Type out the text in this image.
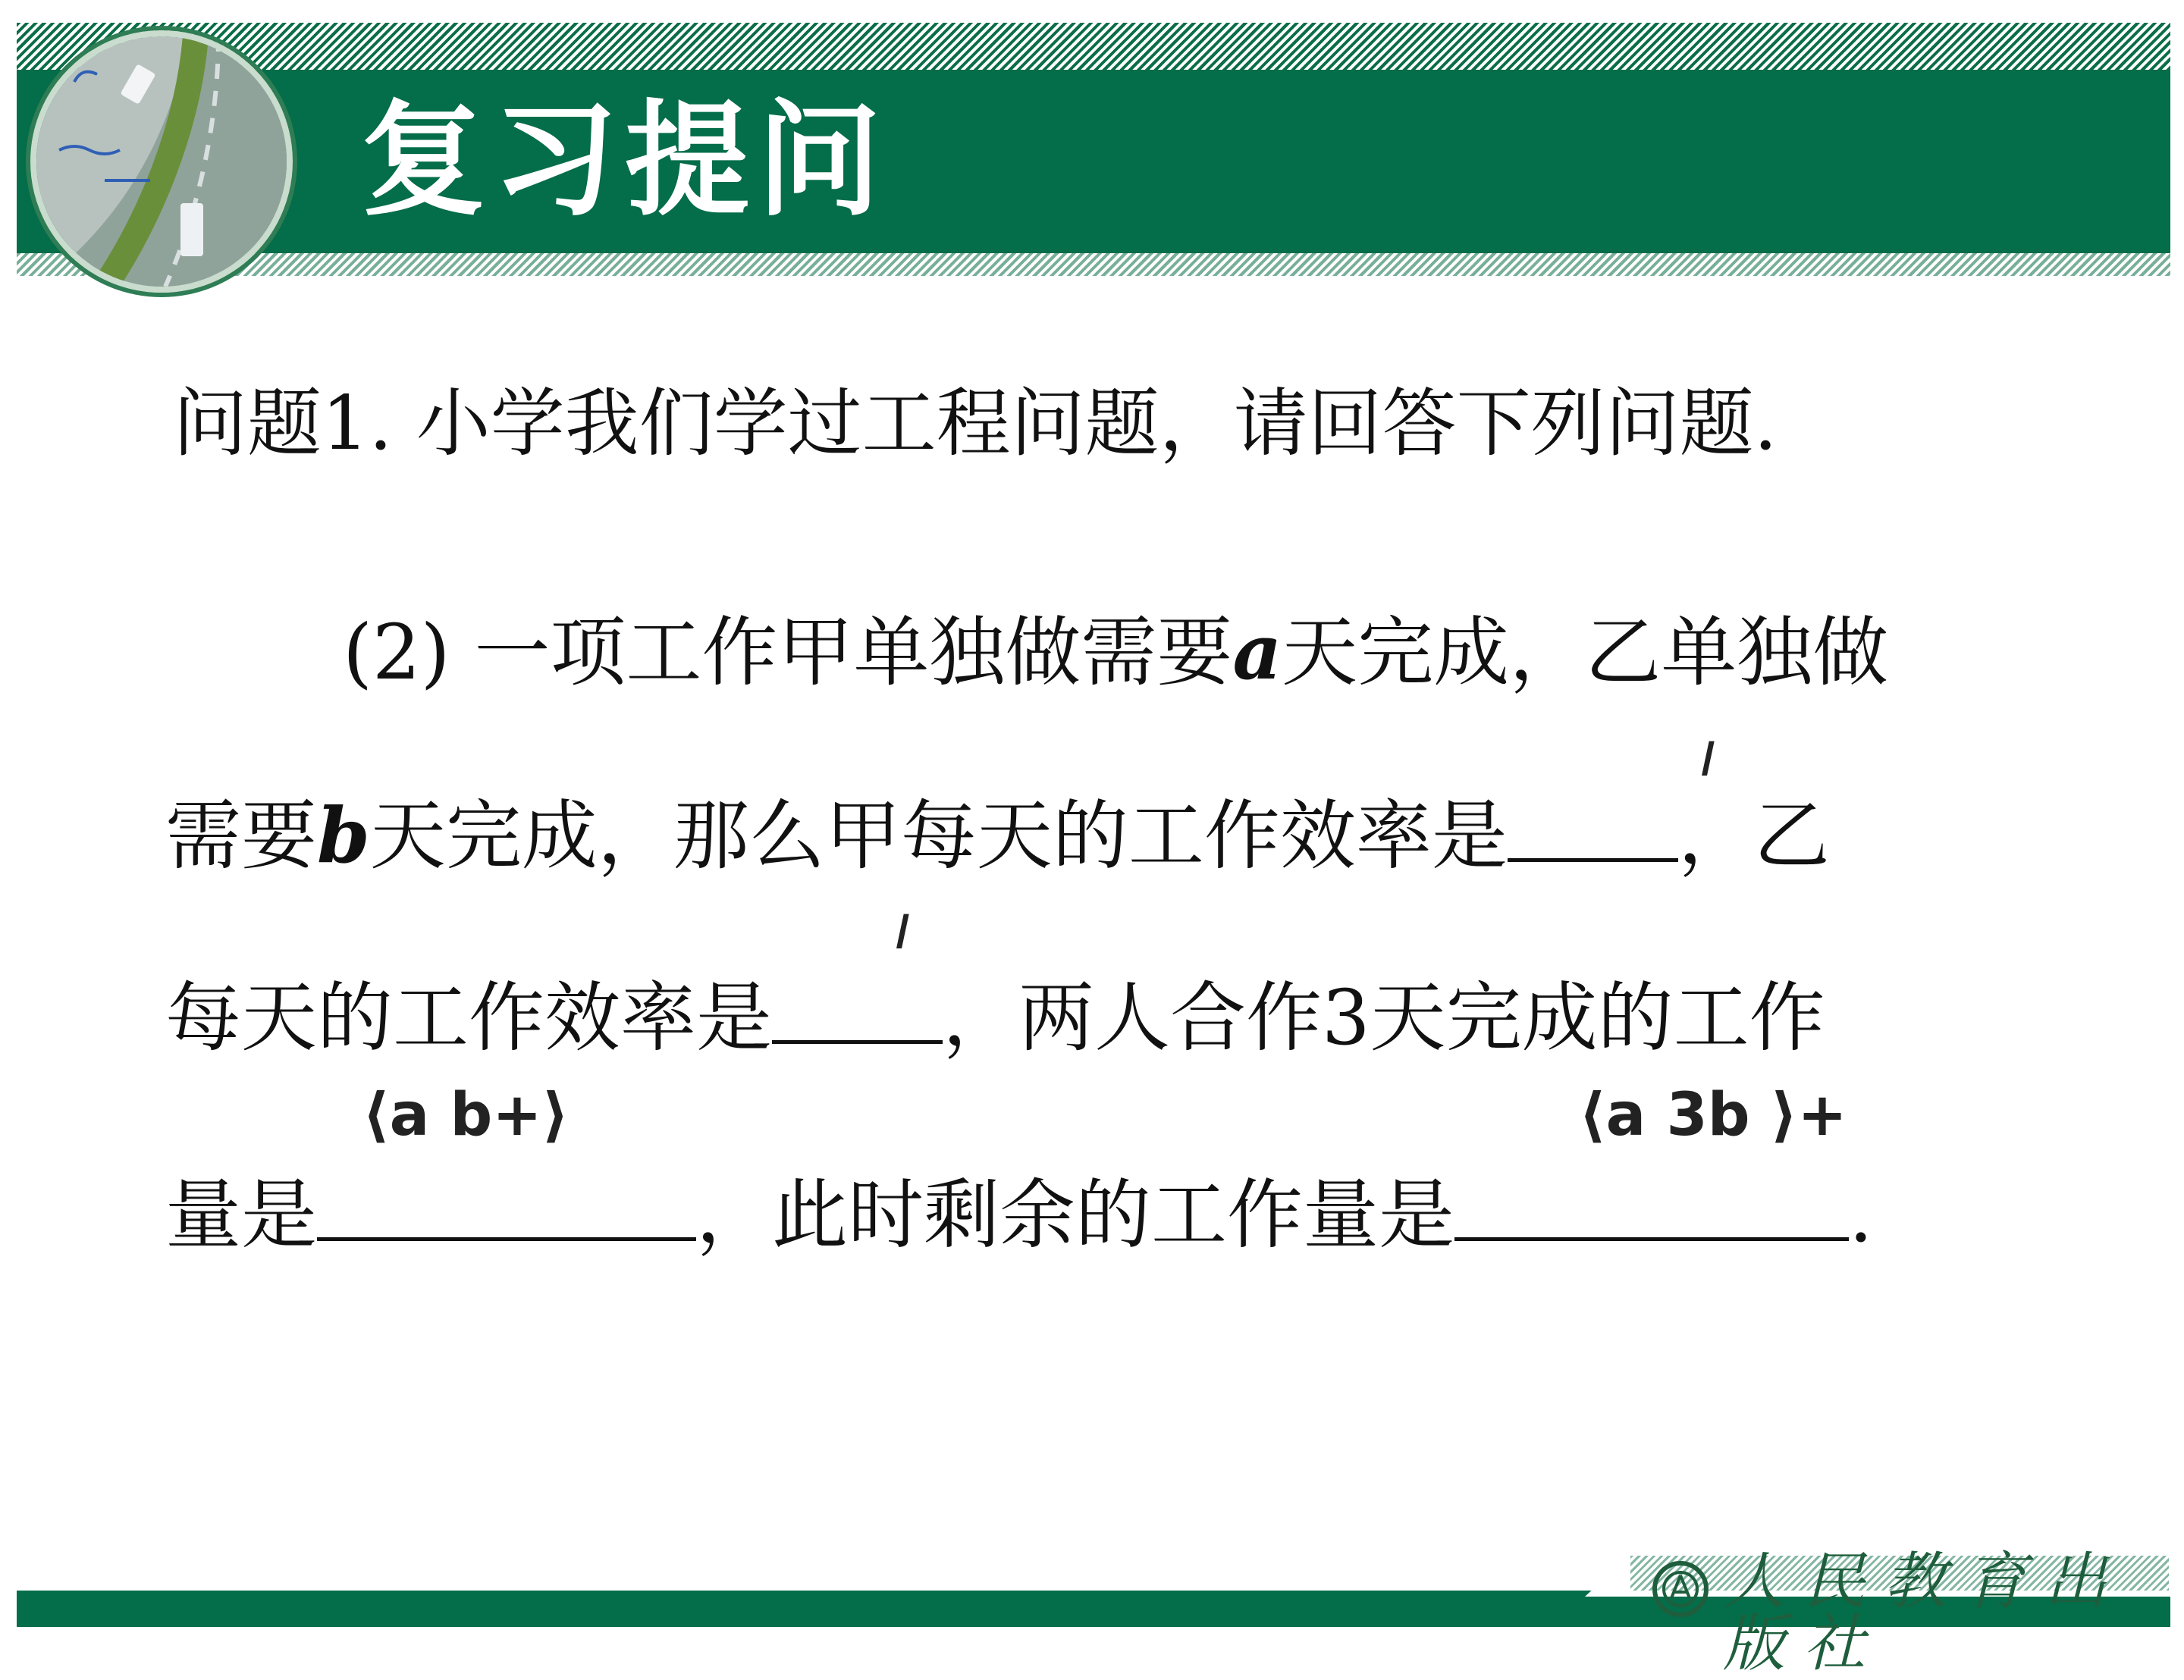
复习提问
问题1. 小学我们学过工程问题，请回答下列问题.
(2) 一项工作甲单独做需要a天完成，乙单独做
需要b天完成，那么甲每天的工作效率是 ，乙
每天的工作效率是 ，两人合作3天完成的工作
量是	，此时剩余的工作量是	.
𝑙
𝑙
⟨a b+⟩	⟨a 3b ⟩+
人民教育出版社
